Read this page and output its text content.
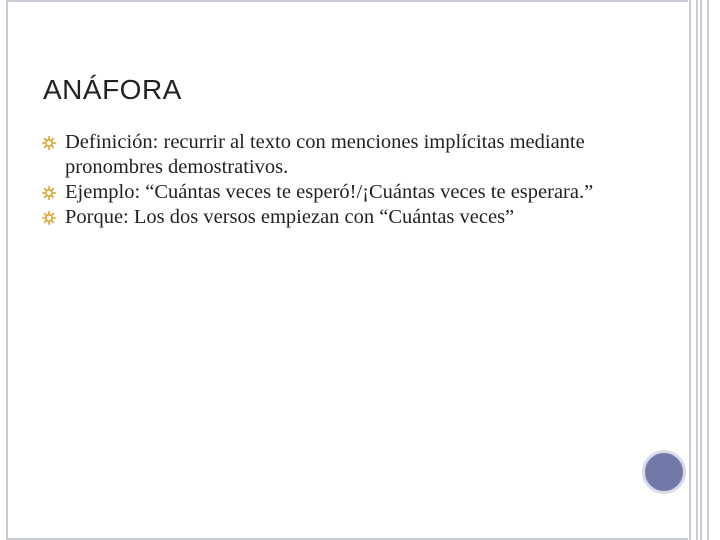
ANÁFORA
Definición: recurrir al texto con menciones implícitas mediante pronombres demostrativos.
Ejemplo: “Cuántas veces te esperó!/¡Cuántas veces te esperara.”
Porque: Los dos versos empiezan con “Cuántas veces”
